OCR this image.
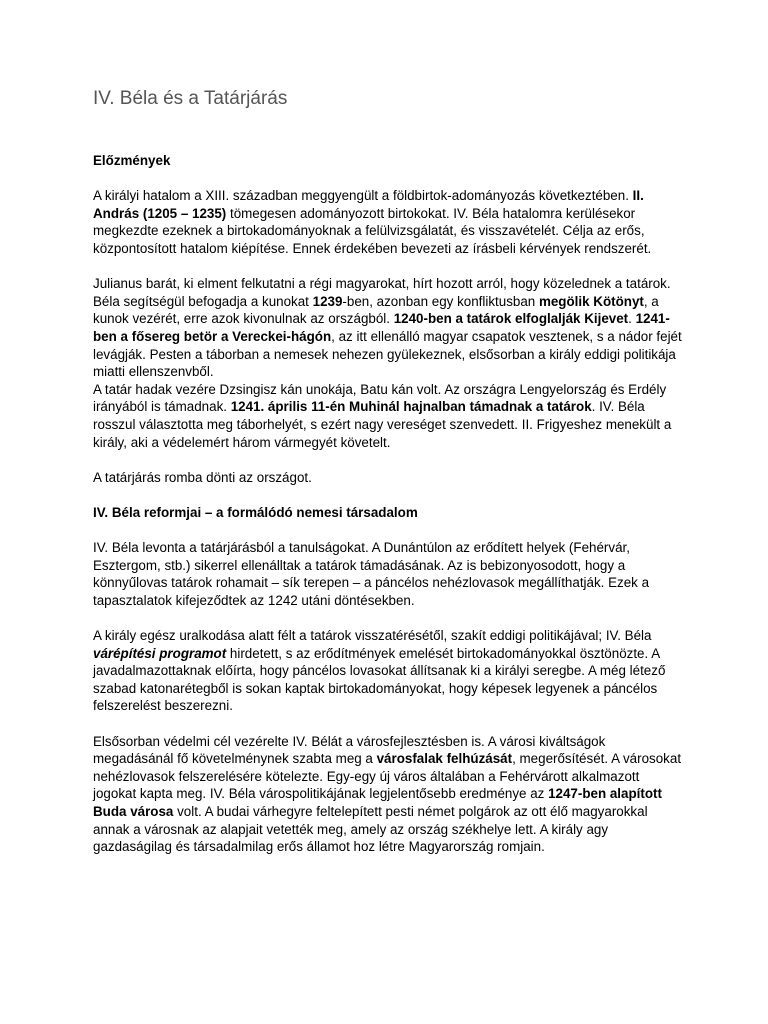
IV. Béla és a Tatárjárás
Előzmények

A királyi hatalom a XIII. században meggyengült a földbirtok-adományozás következtében. II. András (1205 – 1235) tömegesen adományozott birtokokat. IV. Béla hatalomra kerülésekor megkezdte ezeknek a birtokadományoknak a felülvizsgálatát, és visszavételét. Célja az erős, központosított hatalom kiépítése. Ennek érdekében bevezeti az írásbeli kérvények rendszerét.

Julianus barát, ki elment felkutatni a régi magyarokat, hírt hozott arról, hogy közelednek a tatárok. Béla segítségül befogadja a kunokat 1239-ben, azonban egy konfliktusban megölik Kötönyt, a kunok vezérét, erre azok kivonulnak az országból. 1240-ben a tatárok elfoglalják Kijevet. 1241-ben a fősereg betör a Vereckei-hágón, az itt ellenálló magyar csapatok vesztenek, s a nádor fejét levágják. Pesten a táborban a nemesek nehezen gyülekeznek, elsősorban a király eddigi politikája miatti ellenszenvből.

A tatár hadak vezére Dzsingisz kán unokája, Batu kán volt. Az országra Lengyelország és Erdély irányából is támadnak. 1241. április 11-én Muhinál hajnalban támadnak a tatárok. IV. Béla rosszul választotta meg táborhelyét, s ezért nagy vereséget szenvedett. II. Frigyeshez menekült a király, aki a védelemért három vármegyét követelt.

A tatárjárás romba dönti az országot.

IV. Béla reformjai – a formálódó nemesi társadalom

IV. Béla levonta a tatárjárásból a tanulságokat. A Dunántúlon az erődített helyek (Fehérvár, Esztergom, stb.) sikerrel ellenálltak a tatárok támadásának. Az is bebizonyosodott, hogy a könnyűlovas tatárok rohamait – sík terepen – a páncélos nehézlovasok megállíthatják. Ezek a tapasztalatok kifejeződtek az 1242 utáni döntésekben.

A király egész uralkodása alatt félt a tatárok visszatérésétől, szakít eddigi politikájával; IV. Béla várépítési programot hirdetett, s az erődítmények emelését birtokadományokkal ösztönözte. A javadalmazottaknak előírta, hogy páncélos lovasokat állítsanak ki a királyi seregbe. A még létező szabad katonarétegből is sokan kaptak birtokadományokat, hogy képesek legyenek a páncélos felszerelést beszerezni.

Elsősorban védelmi cél vezérelte IV. Bélát a városfejlesztésben is. A városi kiváltságok megadásánál fő követelménynek szabta meg a városfalak felhúzását, megerősítését. A városokat nehézlovasok felszerelésére kötelezte. Egy-egy új város általában a Fehérvárott alkalmazott jogokat kapta meg. IV. Béla várospolitikájának legjelentősebb eredménye az 1247-ben alapított Buda városa volt. A budai várhegyre feltelepített pesti német polgárok az ott élő magyarokkal annak a városnak az alapjait vetették meg, amely az ország székhelye lett. A király agy gazdaságilag és társadalmilag erős államot hoz létre Magyarország romjain.
